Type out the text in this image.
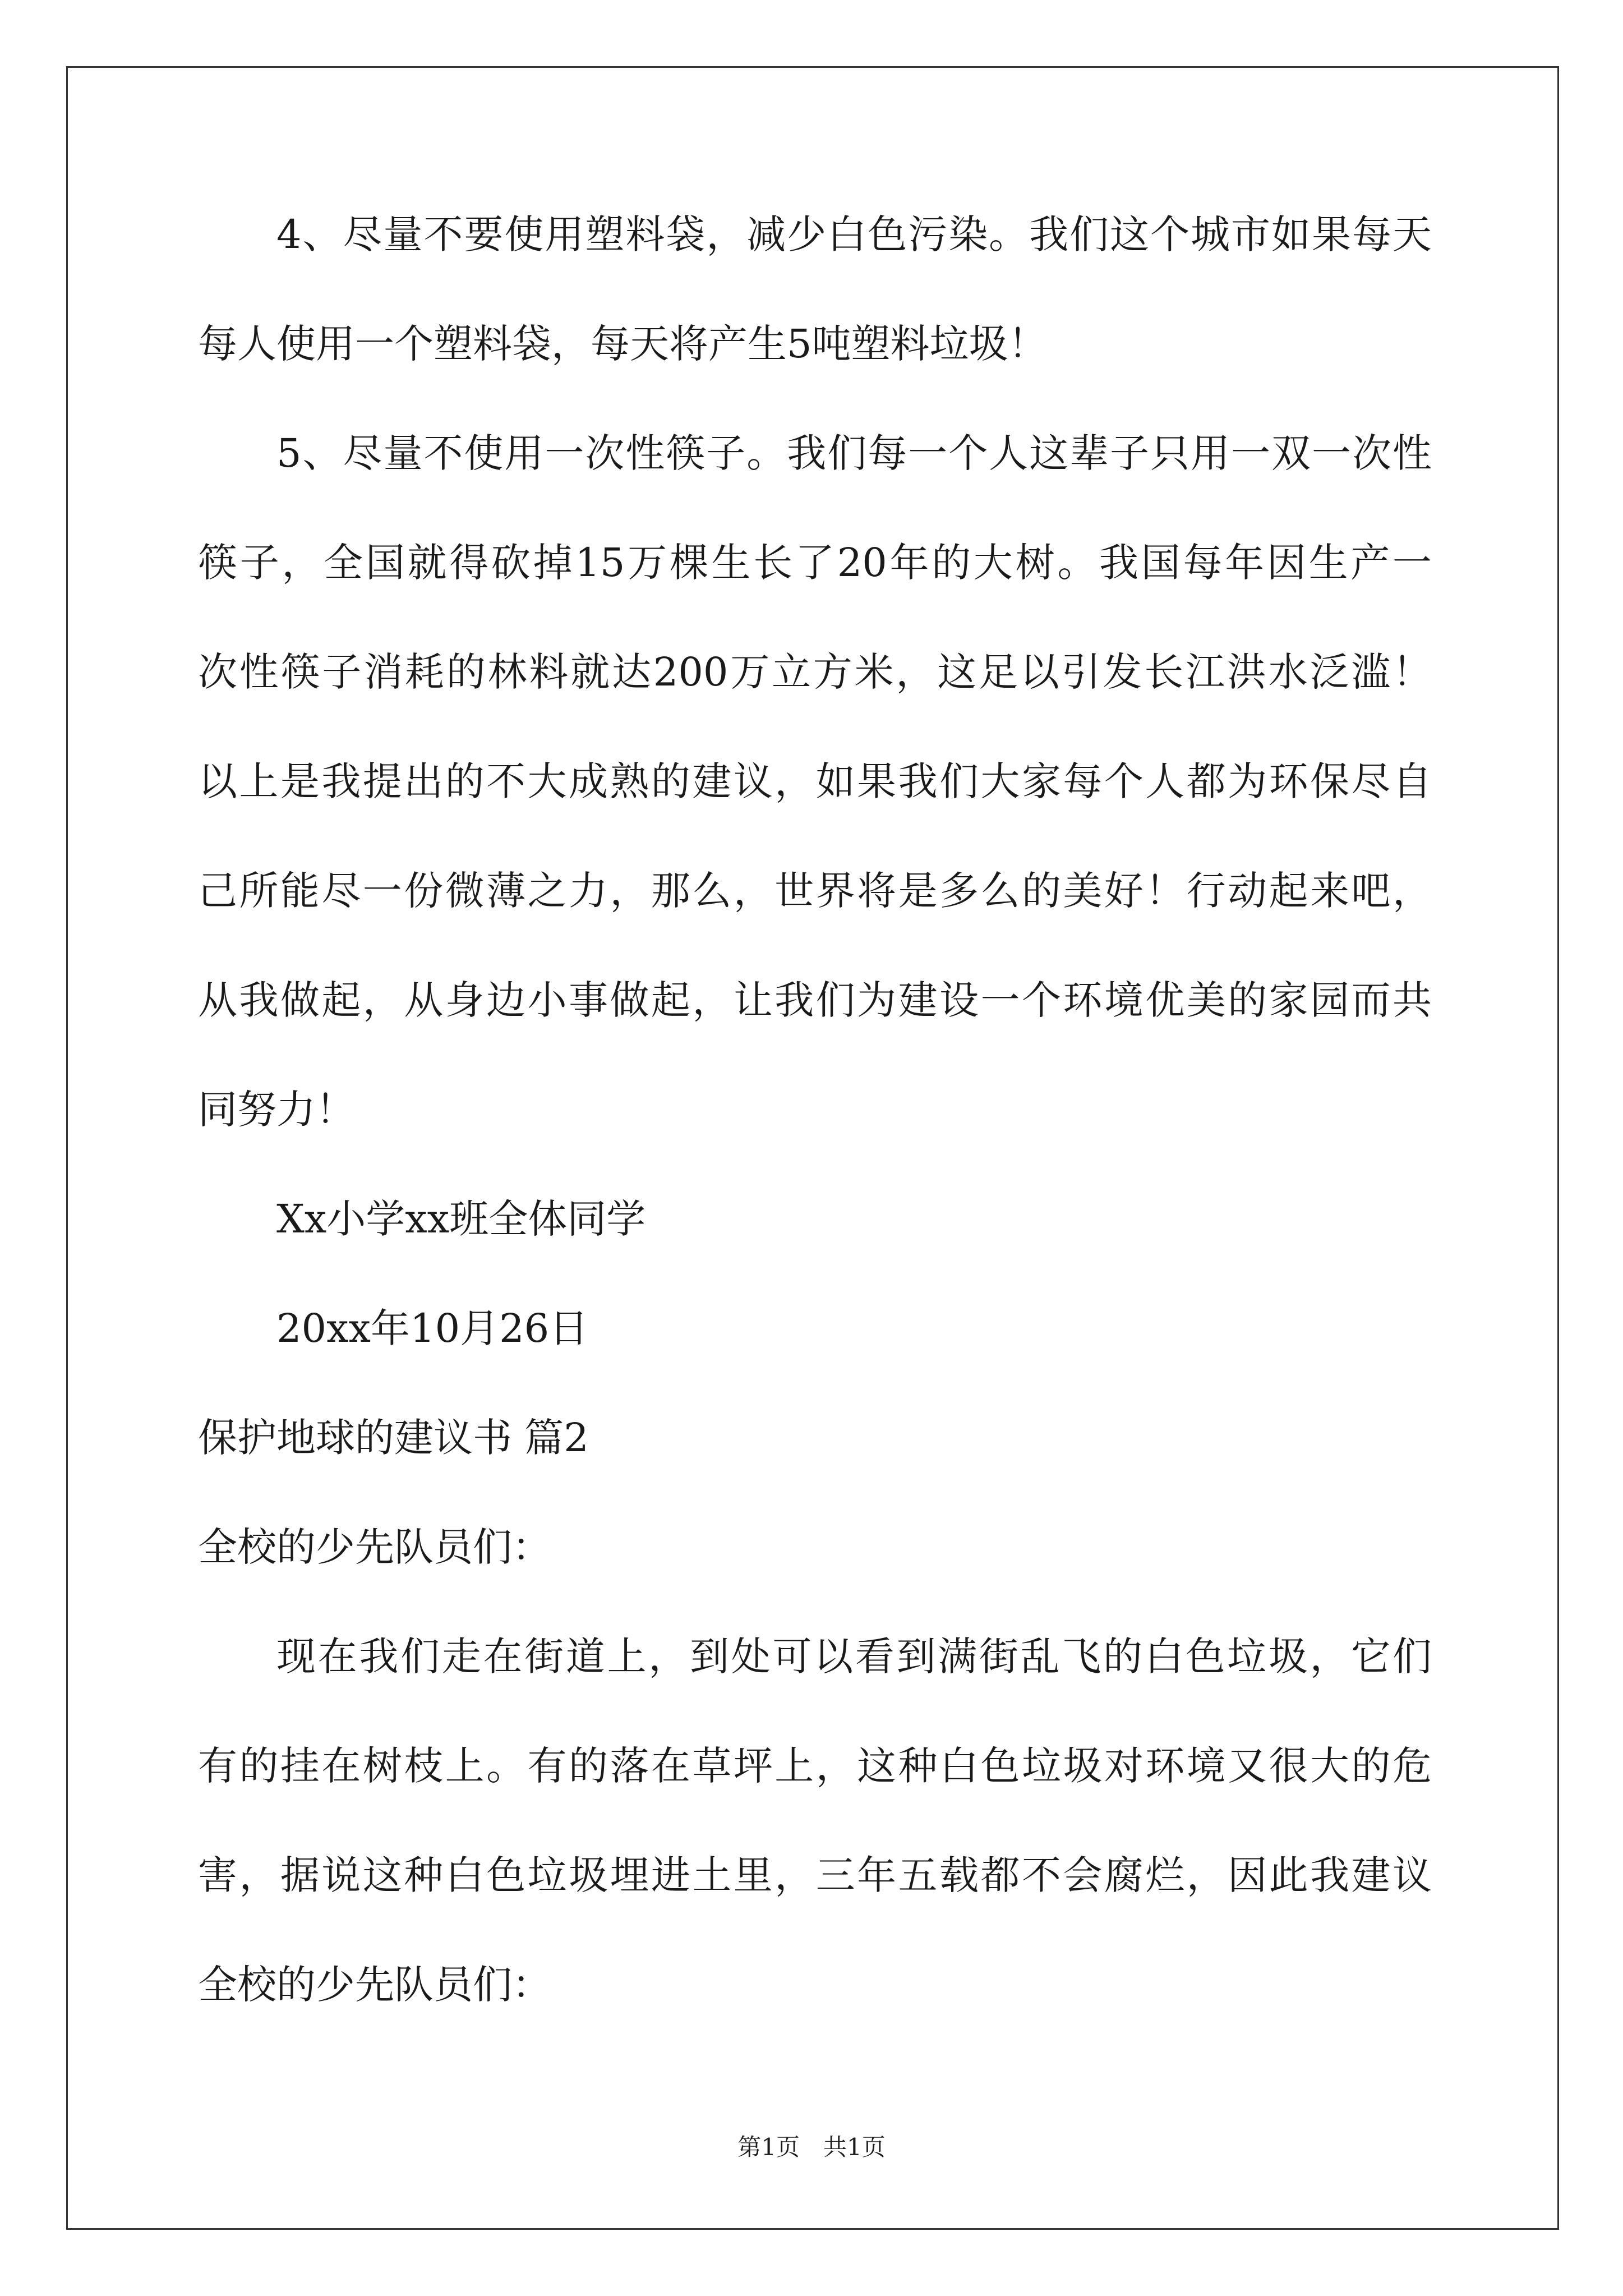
4、尽量不要使用塑料袋，减少白色污染。我们这个城市如果每天
每人使用一个塑料袋，每天将产生5吨塑料垃圾！
5、尽量不使用一次性筷子。我们每一个人这辈子只用一双一次性
筷子，全国就得砍掉15万棵生长了20年的大树。我国每年因生产一
次性筷子消耗的林料就达200万立方米，这足以引发长江洪水泛滥！
以上是我提出的不大成熟的建议，如果我们大家每个人都为环保尽自
己所能尽一份微薄之力，那么，世界将是多么的美好！行动起来吧，
从我做起，从身边小事做起，让我们为建设一个环境优美的家园而共
同努力！
Xx小学xx班全体同学
20xx年10月26日
保护地球的建议书 篇2
全校的少先队员们：
现在我们走在街道上，到处可以看到满街乱飞的白色垃圾，它们
有的挂在树枝上。有的落在草坪上，这种白色垃圾对环境又很大的危
害，据说这种白色垃圾埋进土里，三年五载都不会腐烂，因此我建议
全校的少先队员们：
第1页　共1页
